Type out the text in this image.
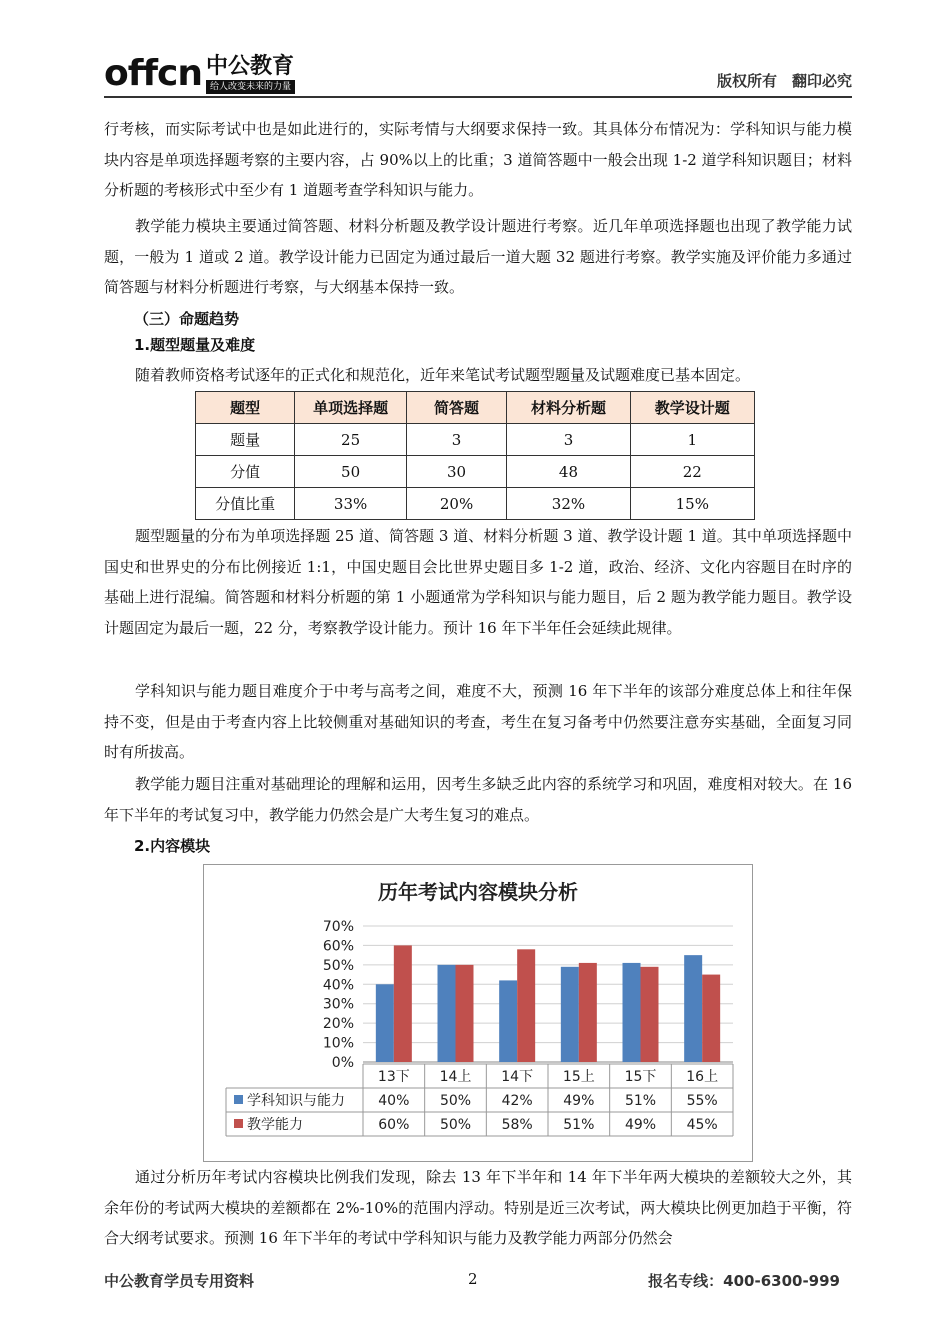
offcn 中公教育
给人改变未来的力量	版权所有　翻印必究
行考核，而实际考试中也是如此进行的，实际考情与大纲要求保持一致。其具体分布情况为：学科知识与能力模块内容是单项选择题考察的主要内容，占 90%以上的比重；3 道简答题中一般会出现 1-2 道学科知识题目；材料分析题的考核形式中至少有 1 道题考查学科知识与能力。
教学能力模块主要通过简答题、材料分析题及教学设计题进行考察。近几年单项选择题也出现了教学能力试题，一般为 1 道或 2 道。教学设计能力已固定为通过最后一道大题 32 题进行考察。教学实施及评价能力多通过简答题与材料分析题进行考察，与大纲基本保持一致。
（三）命题趋势
1.题型题量及难度
随着教师资格考试逐年的正式化和规范化，近年来笔试考试题型题量及试题难度已基本固定。
题型	单项选择题	简答题	材料分析题	教学设计题
题量	25	3	3	1
分值	50	30	48	22
分值比重	33%	20%	32%	15%
题型题量的分布为单项选择题 25 道、简答题 3 道、材料分析题 3 道、教学设计题 1 道。其中单项选择题中国史和世界史的分布比例接近 1:1，中国史题目会比世界史题目多 1-2 道，政治、经济、文化内容题目在时序的基础上进行混编。简答题和材料分析题的第 1 小题通常为学科知识与能力题目，后 2 题为教学能力题目。教学设计题固定为最后一题，22 分，考察教学设计能力。预计 16 年下半年任会延续此规律。
学科知识与能力题目难度介于中考与高考之间，难度不大，预测 16 年下半年的该部分难度总体上和往年保持不变，但是由于考查内容上比较侧重对基础知识的考查，考生在复习备考中仍然要注意夯实基础，全面复习同时有所拔高。
教学能力题目注重对基础理论的理解和运用，因考生多缺乏此内容的系统学习和巩固，难度相对较大。在 16 年下半年的考试复习中，教学能力仍然会是广大考生复习的难点。
2.内容模块
历年考试内容模块分析
0%
10%
20%
30%
40%
50%
60%
70%
13下 14上 14下 15上 15下 16上
学科知识与能力 40% 50% 42% 49% 51% 55%
教学能力	60% 50% 58% 51% 49% 45%
通过分析历年考试内容模块比例我们发现，除去 13 年下半年和 14 年下半年两大模块的差额较大之外，其余年份的考试两大模块的差额都在 2%-10%的范围内浮动。特别是近三次考试，两大模块比例更加趋于平衡，符合大纲考试要求。预测 16 年下半年的考试中学科知识与能力及教学能力两部分仍然会
中公教育学员专用资料	2	报名专线：400-6300-999
